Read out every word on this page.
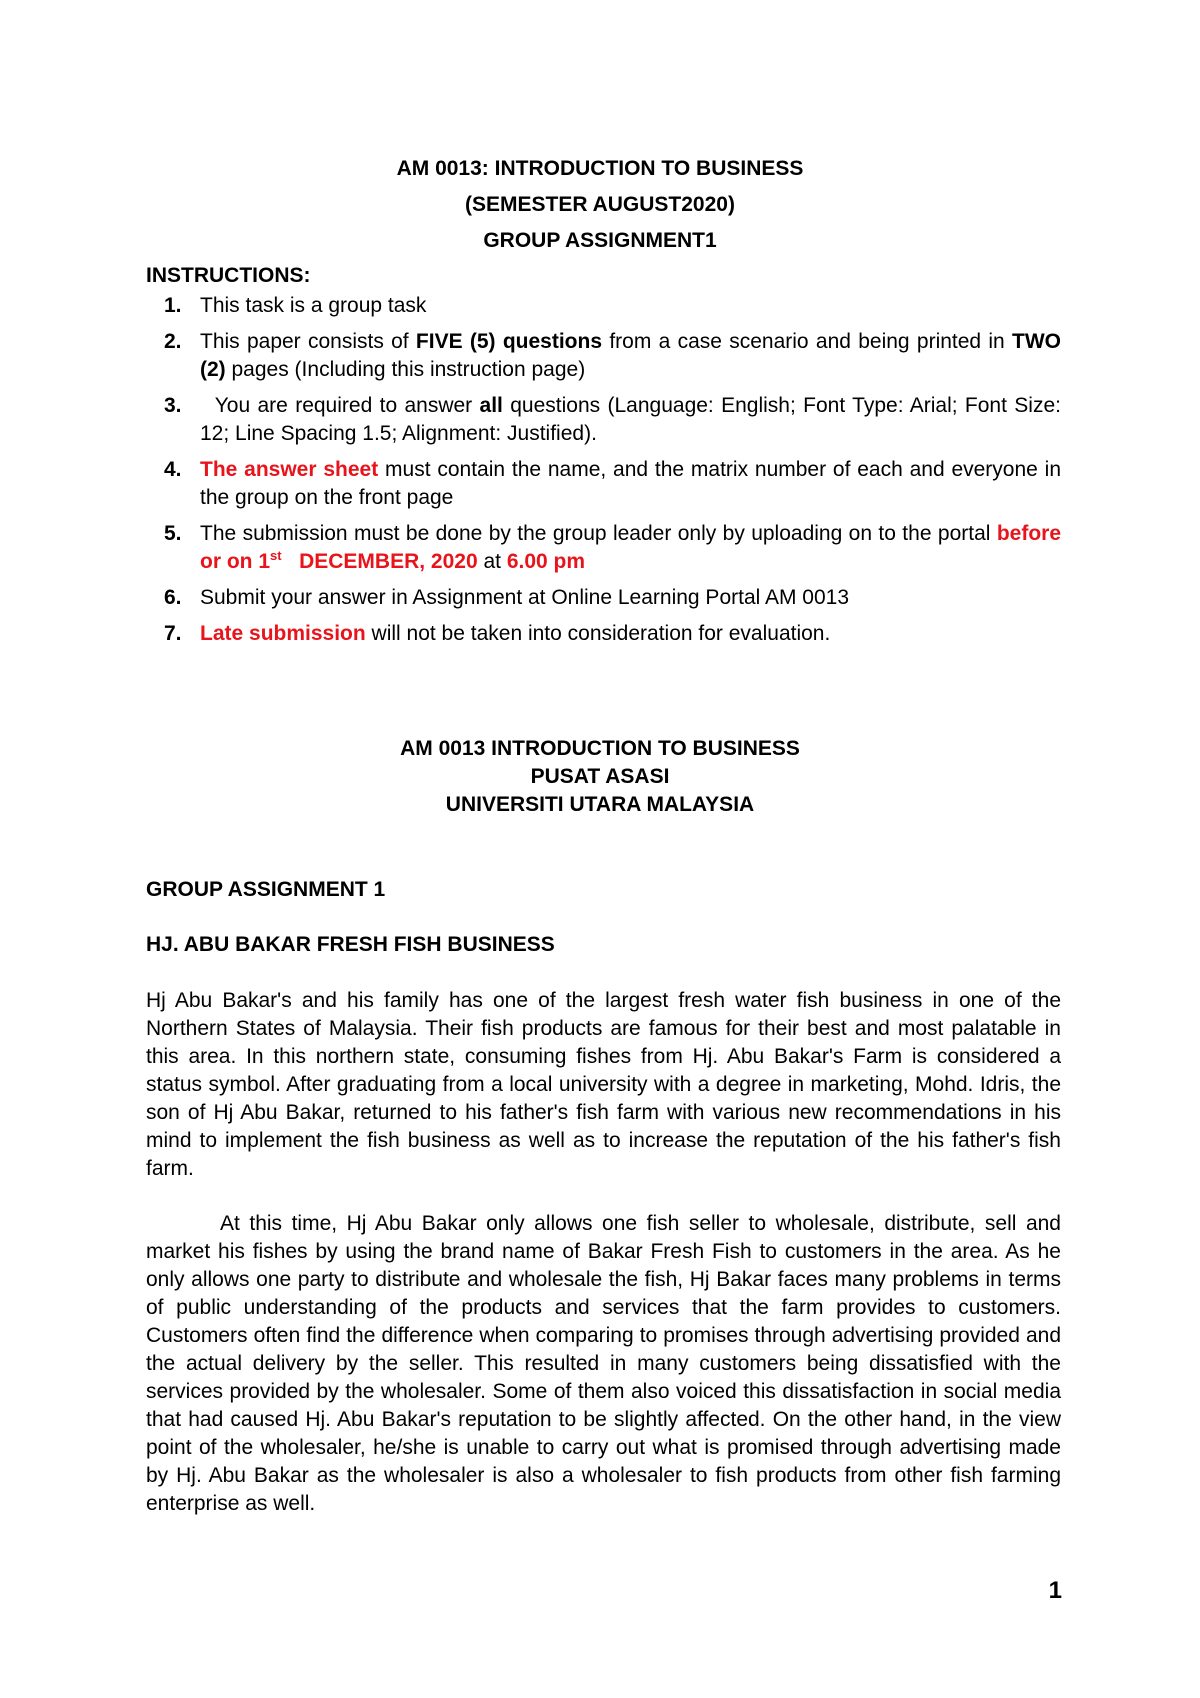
AM 0013: INTRODUCTION TO BUSINESS
(SEMESTER AUGUST2020)
GROUP ASSIGNMENT1
INSTRUCTIONS:
1. This task is a group task
2. This paper consists of FIVE (5) questions from a case scenario and being printed in TWO (2) pages (Including this instruction page)
3. You are required to answer all questions (Language: English; Font Type: Arial; Font Size: 12; Line Spacing 1.5; Alignment: Justified).
4. The answer sheet must contain the name, and the matrix number of each and everyone in the group on the front page
5. The submission must be done by the group leader only by uploading on to the portal before or on 1st   DECEMBER, 2020 at 6.00 pm
6. Submit your answer in Assignment at Online Learning Portal AM 0013
7. Late submission will not be taken into consideration for evaluation.
AM 0013 INTRODUCTION TO BUSINESS
PUSAT ASASI
UNIVERSITI UTARA MALAYSIA
GROUP ASSIGNMENT 1
HJ. ABU BAKAR FRESH FISH BUSINESS

Hj Abu Bakar's and his family has one of the largest fresh water fish business in one of the Northern States of Malaysia. Their fish products are famous for their best and most palatable in this area. In this northern state, consuming fishes from Hj. Abu Bakar's Farm is considered a status symbol. After graduating from a local university with a degree in marketing, Mohd. Idris, the son of Hj Abu Bakar, returned to his father's fish farm with various new recommendations in his mind to implement the fish business as well as to increase the reputation of the his father's fish farm.

At this time, Hj Abu Bakar only allows one fish seller to wholesale, distribute, sell and market his fishes by using the brand name of Bakar Fresh Fish to customers in the area. As he only allows one party to distribute and wholesale the fish, Hj Bakar faces many problems in terms of public understanding of the products and services that the farm provides to customers. Customers often find the difference when comparing to promises through advertising provided and the actual delivery by the seller. This resulted in many customers being dissatisfied with the services provided by the wholesaler. Some of them also voiced this dissatisfaction in social media that had caused Hj. Abu Bakar's reputation to be slightly affected. On the other hand, in the view point of the wholesaler, he/she is unable to carry out what is promised through advertising made by Hj. Abu Bakar as the wholesaler is also a wholesaler to fish products from other fish farming enterprise as well.

1
